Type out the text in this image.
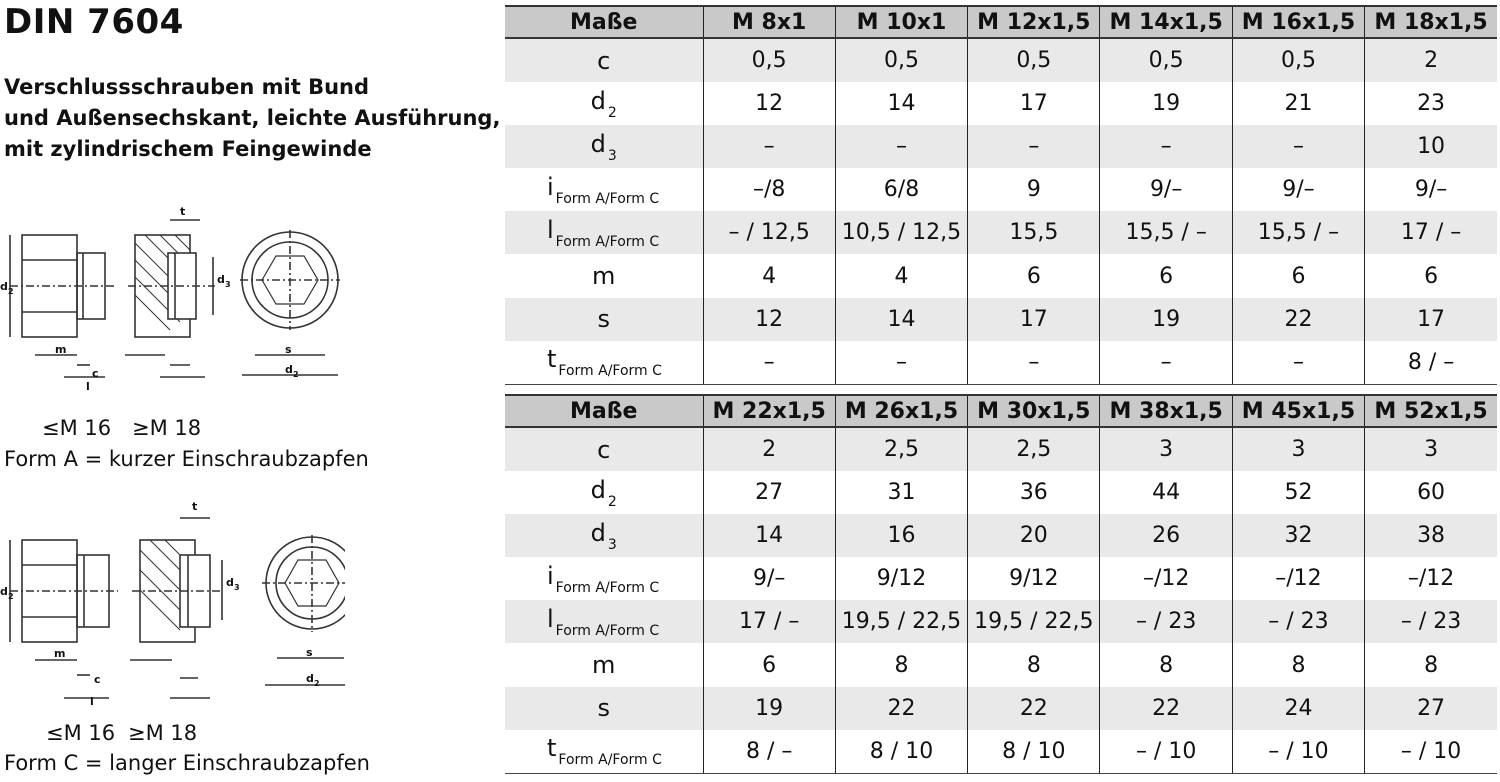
DIN 7604
Verschlussschrauben mit Bund
und Außensechskant, leichte Ausführung,
mit zylindrischem Feingewinde
d 2
m
l
c
t
d 3
s
d 2
≤M 16 ≥M 18
Form A = kurzer Einschraubzapfen
d 2
m
l
c
t
d 3
s
d 2
≤M 16 ≥M 18
Form C = langer Einschraubzapfen
Maße	M 8x1	M 10x1	M 12x1,5	M 14x1,5	M 16x1,5	M 18x1,5
c	0,5	0,5	0,5	0,5	0,5	2
d $_2$	12	14	17	19	21	23
d $_3$	–	–	–	–	–	10
i $_{Form A/Form C}$	–/8	6/8	9	9/–	9/–	9/–
l $_{Form A/Form C}$	– / 12,5	10,5 / 12,5	15,5	15,5 / –	15,5 / –	17 / –
m	4	4	6	6	6	6
s	12	14	17	19	22	17
t $_{Form A/Form C}$	–	–	–	–	–	8 / –
Maße	M 22x1,5	M 26x1,5	M 30x1,5	M 38x1,5	M 45x1,5	M 52x1,5
c	2	2,5	2,5	3	3	3
d $_2$	27	31	36	44	52	60
d $_3$	14	16	20	26	32	38
i $_{Form A/Form C}$	9/–	9/12	9/12	–/12	–/12	–/12
l $_{Form A/Form C}$	17 / –	19,5 / 22,5	19,5 / 22,5	– / 23	– / 23	– / 23
m	6	8	8	8	8	8
s	19	22	22	22	24	27
t $_{Form A/Form C}$	8 / –	8 / 10	8 / 10	– / 10	– / 10	– / 10
